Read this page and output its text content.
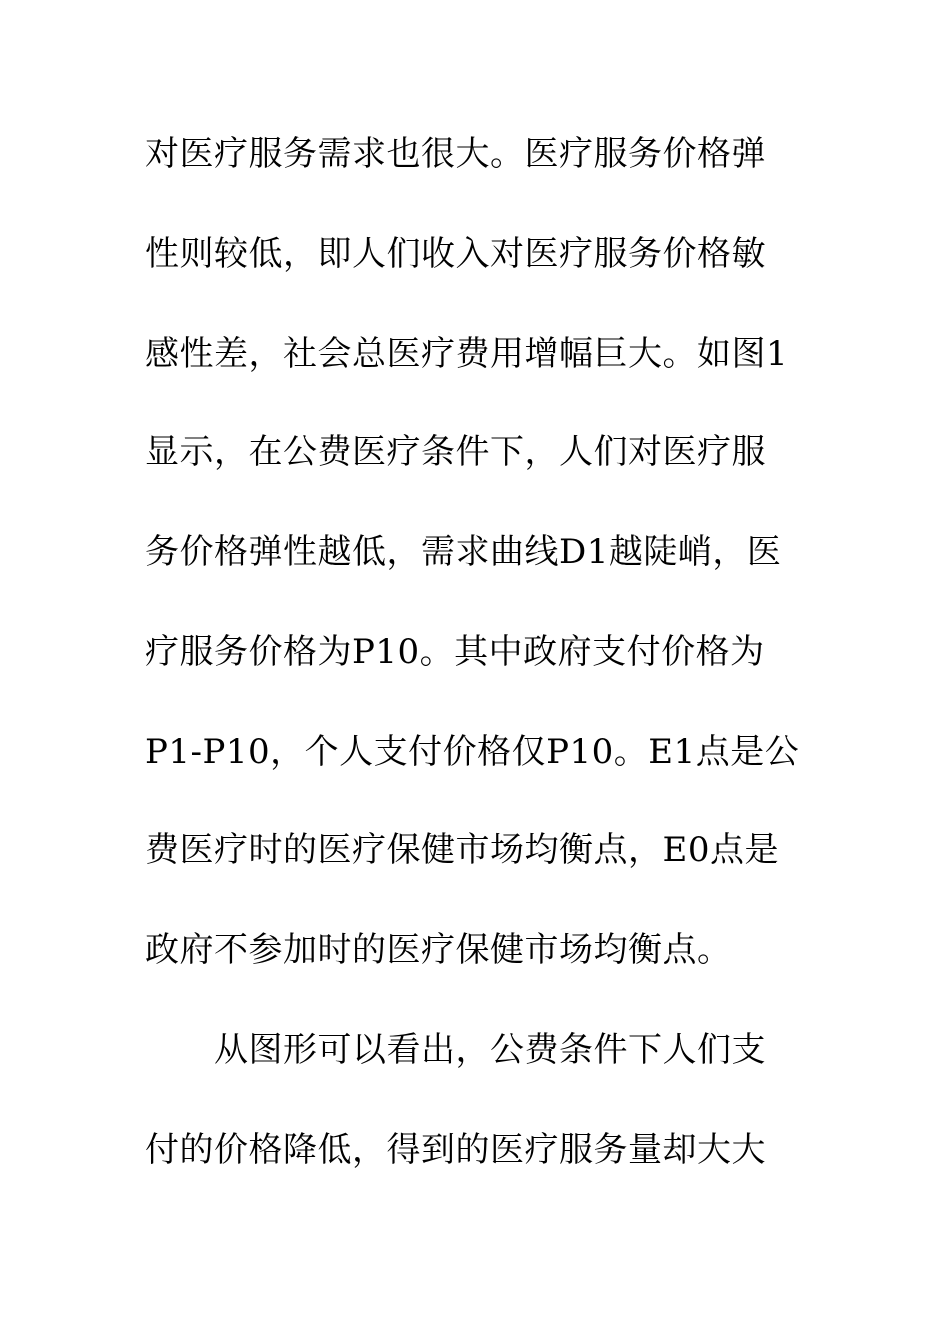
对医疗服务需求也很大。医疗服务价格弹
性则较低，即人们收入对医疗服务价格敏
感性差，社会总医疗费用增幅巨大。如图1
显示，在公费医疗条件下，人们对医疗服
务价格弹性越低，需求曲线D1越陡峭，医
疗服务价格为P10。其中政府支付价格为
P1-P10，个人支付价格仅P10。E1点是公
费医疗时的医疗保健市场均衡点，E0点是
政府不参加时的医疗保健市场均衡点。
　　从图形可以看出，公费条件下人们支
付的价格降低，得到的医疗服务量却大大
